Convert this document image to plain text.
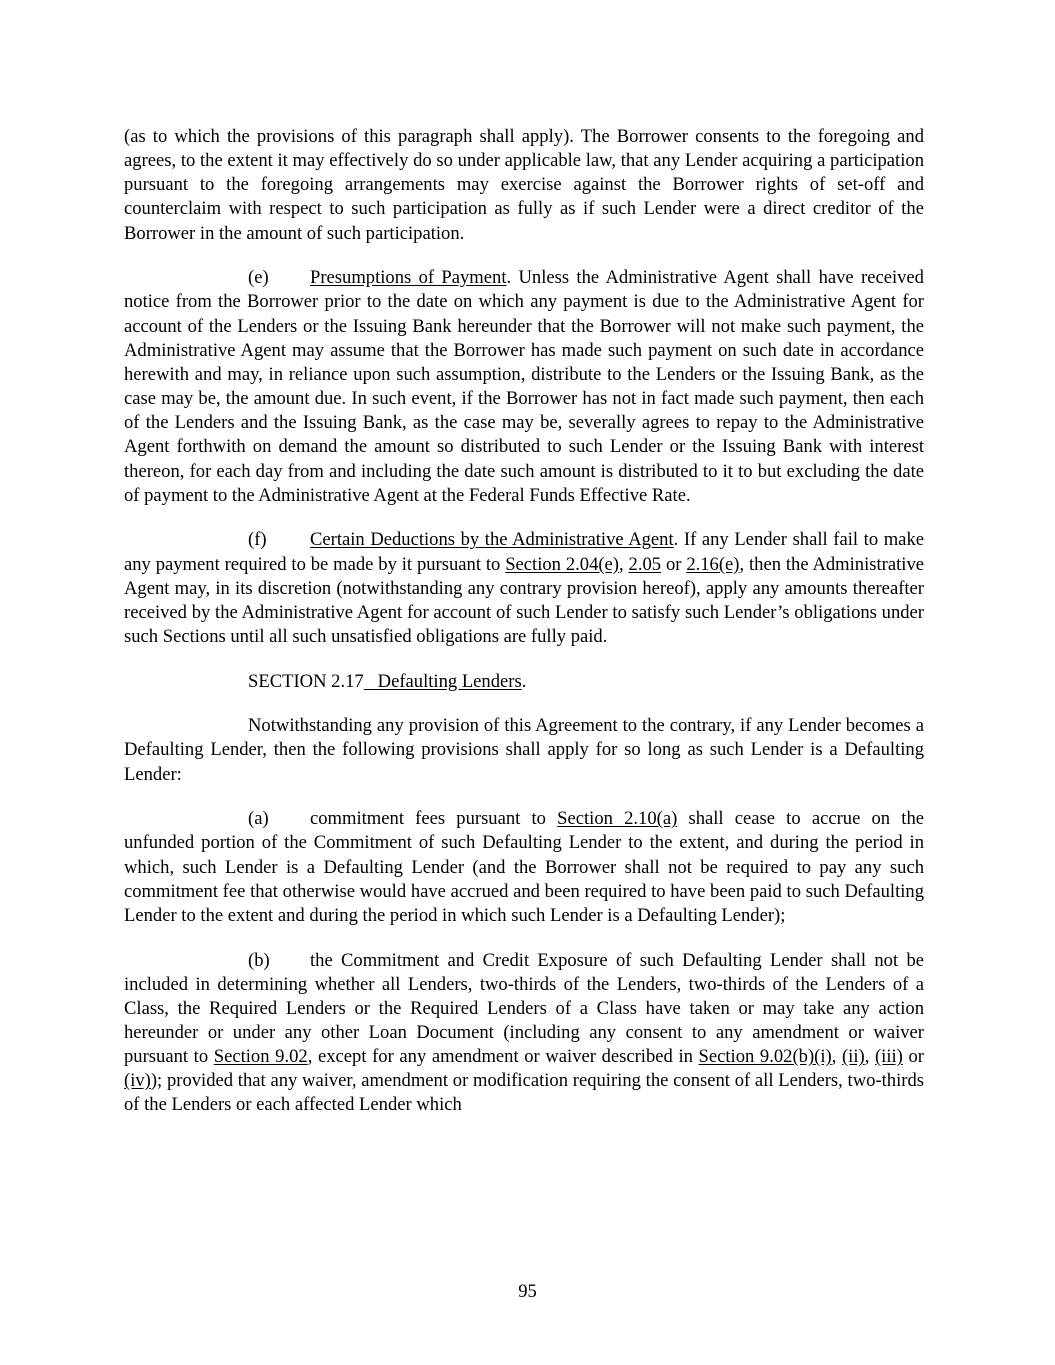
(as to which the provisions of this paragraph shall apply). The Borrower consents to the foregoing and agrees, to the extent it may effectively do so under applicable law, that any Lender acquiring a participation pursuant to the foregoing arrangements may exercise against the Borrower rights of set-off and counterclaim with respect to such participation as fully as if such Lender were a direct creditor of the Borrower in the amount of such participation.

(e) Presumptions of Payment. Unless the Administrative Agent shall have received notice from the Borrower prior to the date on which any payment is due to the Administrative Agent for account of the Lenders or the Issuing Bank hereunder that the Borrower will not make such payment, the Administrative Agent may assume that the Borrower has made such payment on such date in accordance herewith and may, in reliance upon such assumption, distribute to the Lenders or the Issuing Bank, as the case may be, the amount due. In such event, if the Borrower has not in fact made such payment, then each of the Lenders and the Issuing Bank, as the case may be, severally agrees to repay to the Administrative Agent forthwith on demand the amount so distributed to such Lender or the Issuing Bank with interest thereon, for each day from and including the date such amount is distributed to it to but excluding the date of payment to the Administrative Agent at the Federal Funds Effective Rate.

(f) Certain Deductions by the Administrative Agent. If any Lender shall fail to make any payment required to be made by it pursuant to Section 2.04(e), 2.05 or 2.16(e), then the Administrative Agent may, in its discretion (notwithstanding any contrary provision hereof), apply any amounts thereafter received by the Administrative Agent for account of such Lender to satisfy such Lender’s obligations under such Sections until all such unsatisfied obligations are fully paid.

SECTION 2.17 Defaulting Lenders.

Notwithstanding any provision of this Agreement to the contrary, if any Lender becomes a Defaulting Lender, then the following provisions shall apply for so long as such Lender is a Defaulting Lender:

(a) commitment fees pursuant to Section 2.10(a) shall cease to accrue on the unfunded portion of the Commitment of such Defaulting Lender to the extent, and during the period in which, such Lender is a Defaulting Lender (and the Borrower shall not be required to pay any such commitment fee that otherwise would have accrued and been required to have been paid to such Defaulting Lender to the extent and during the period in which such Lender is a Defaulting Lender);

(b) the Commitment and Credit Exposure of such Defaulting Lender shall not be included in determining whether all Lenders, two-thirds of the Lenders, two-thirds of the Lenders of a Class, the Required Lenders or the Required Lenders of a Class have taken or may take any action hereunder or under any other Loan Document (including any consent to any amendment or waiver pursuant to Section 9.02, except for any amendment or waiver described in Section 9.02(b)(i), (ii), (iii) or (iv)); provided that any waiver, amendment or modification requiring the consent of all Lenders, two-thirds of the Lenders or each affected Lender which

95
